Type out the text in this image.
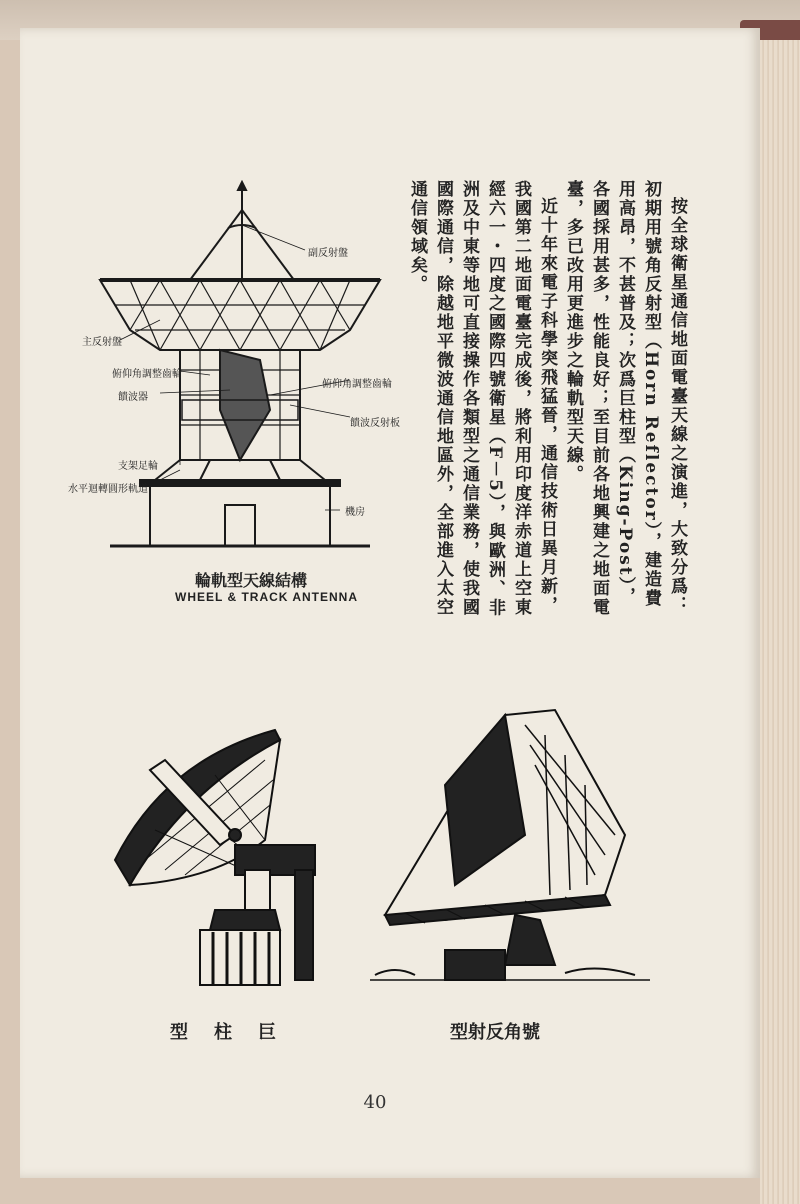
按全球衛星通信地面電臺天線之演進，大致分爲：初期用號角反射型（Horn Reflector），建造費用高昂，不甚普及；次爲巨柱型（King-Post），各國採用甚多，性能良好；至目前各地興建之地面電臺，多已改用更進步之輪軌型天線。

近十年來電子科學突飛猛晉，通信技術日異月新，我國第二地面電臺完成後，將利用印度洋赤道上空東經六一・四度之國際四號衛星（F－5），與歐洲、非洲及中東等地可直接操作各類型之通信業務，使我國國際通信，除越地平微波通信地區外，全部進入太空通信領域矣。

副反射盤
主反射盤
俯仰角調整齒輪
俯仰角調整齒輪
饋波器
饋波反射板
支架足輪
水平迴轉圓形軌道
機房
輪軌型天線結構
WHEEL & TRACK ANTENNA
型　柱　巨	型射反角號
40
